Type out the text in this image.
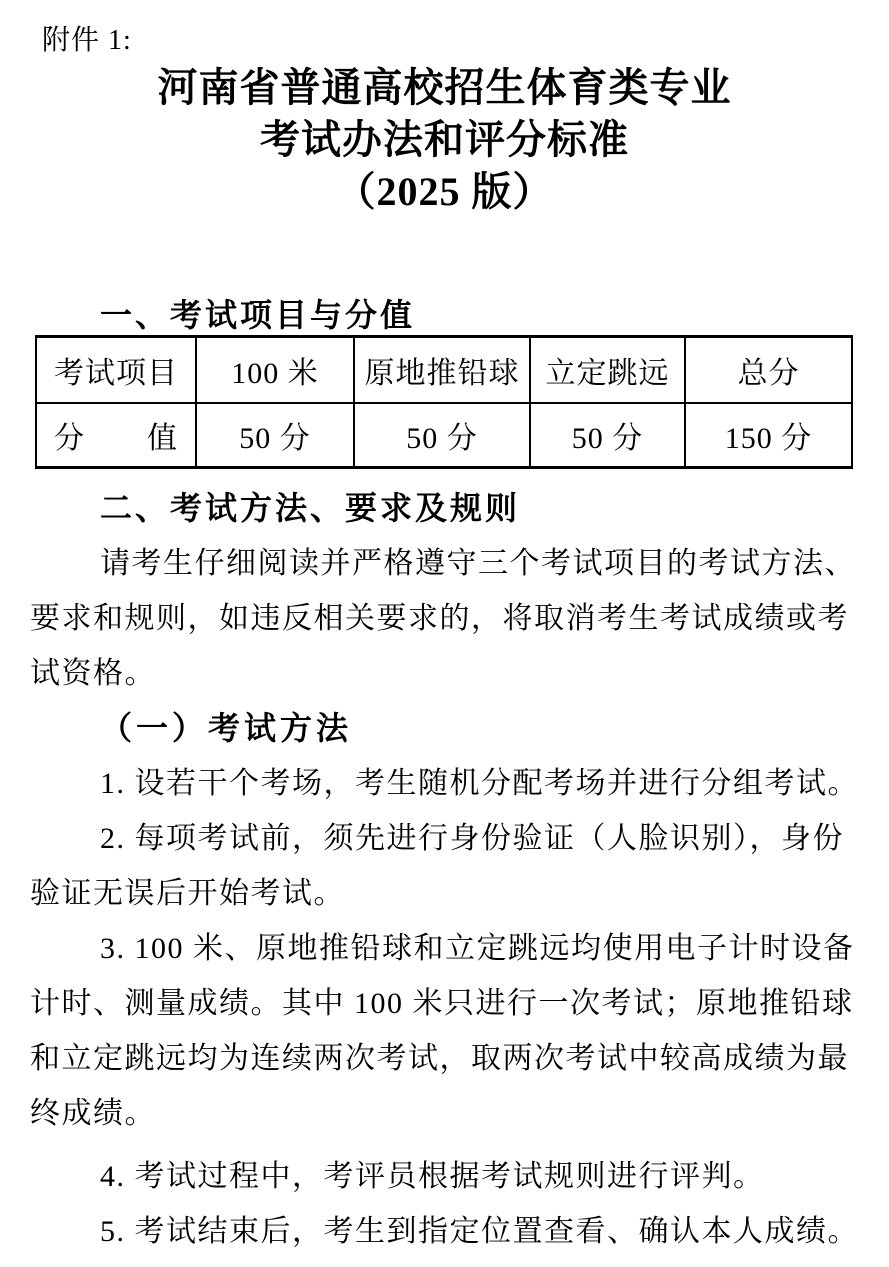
附件 1:
河南省普通高校招生体育类专业
考试办法和评分标准
（2025 版）
一、考试项目与分值
考试项目	100 米	原地推铅球	立定跳远	总分
分　　值	50 分	50 分	50 分	150 分
二、考试方法、要求及规则
请考生仔细阅读并严格遵守三个考试项目的考试方法、
要求和规则，如违反相关要求的，将取消考生考试成绩或考
试资格。
（一）考试方法
1. 设若干个考场，考生随机分配考场并进行分组考试。
2. 每项考试前，须先进行身份验证（人脸识别），身份
验证无误后开始考试。
3. 100 米、原地推铅球和立定跳远均使用电子计时设备
计时、测量成绩。其中 100 米只进行一次考试；原地推铅球
和立定跳远均为连续两次考试，取两次考试中较高成绩为最
终成绩。
4. 考试过程中，考评员根据考试规则进行评判。
5. 考试结束后，考生到指定位置查看、确认本人成绩。
